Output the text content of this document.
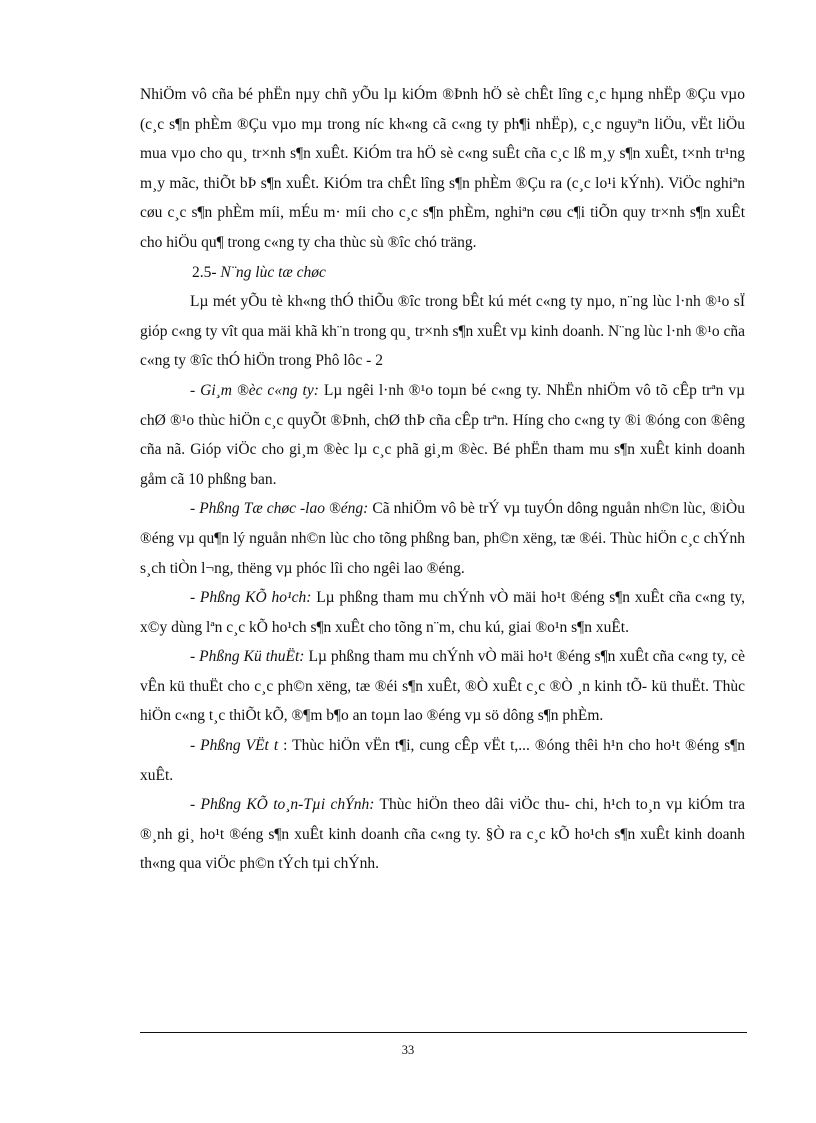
NhiÖm vô cña bé phËn nµy chñ yÕu lµ kiÓm ®Þnh hÖ sè chÊt lîng c¸c hµng nhËp ®Çu vµo (c¸c s¶n phÈm ®Çu vµo mµ trong níc kh«ng cã c«ng ty ph¶i nhËp), c¸c nguyªn liÖu, vËt liÖu mua vµo cho qu¸ tr×nh s¶n xuÊt. KiÓm tra hÖ sè c«ng suÊt cña c¸c lß m¸y s¶n xuÊt, t×nh tr¹ng m¸y mãc, thiÕt bÞ s¶n xuÊt. KiÓm tra chÊt lîng s¶n phÈm ®Çu ra (c¸c lo¹i kÝnh). ViÖc nghiªn cøu c¸c s¶n phÈm míi, mÉu m· míi cho c¸c s¶n phÈm, nghiªn cøu c¶i tiÕn quy tr×nh s¶n xuÊt cho hiÖu qu¶ trong c«ng ty cha thùc sù ®îc chó träng.

2.5- N¨ng lùc tæ chøc

Lµ mét yÕu tè kh«ng thÓ thiÕu ®îc trong bÊt kú mét c«ng ty nµo, n¨ng lùc l·nh ®¹o sÏ gióp c«ng ty vît qua mäi khã kh¨n trong qu¸ tr×nh s¶n xuÊt vµ kinh doanh. N¨ng lùc l·nh ®¹o cña c«ng ty ®îc thÓ hiÖn trong Phô lôc - 2

- Gi¸m ®èc c«ng ty: Lµ ngêi l·nh ®¹o toµn bé c«ng ty. NhËn nhiÖm vô tõ cÊp trªn vµ chØ ®¹o thùc hiÖn c¸c quyÕt ®Þnh, chØ thÞ cña cÊp trªn. Híng cho c«ng ty ®i ®óng con ®êng cña nã. Gióp viÖc cho gi¸m ®èc lµ c¸c phã gi¸m ®èc. Bé phËn tham mu s¶n xuÊt kinh doanh gåm cã 10 phßng ban.

- Phßng Tæ chøc -lao ®éng: Cã nhiÖm vô bè trÝ vµ tuyÓn dông nguån nh©n lùc, ®iÒu ®éng vµ qu¶n lý nguån nh©n lùc cho tõng phßng ban, ph©n xëng, tæ ®éi. Thùc hiÖn c¸c chÝnh s¸ch tiÒn l¬ng, thëng vµ phóc lîi cho ngêi lao ®éng.

- Phßng KÕ ho¹ch: Lµ phßng tham mu chÝnh vÒ mäi ho¹t ®éng s¶n xuÊt cña c«ng ty, x©y dùng lªn c¸c kÕ ho¹ch s¶n xuÊt cho tõng n¨m, chu kú, giai ®o¹n s¶n xuÊt.

- Phßng Kü thuËt: Lµ phßng tham mu chÝnh vÒ mäi ho¹t ®éng s¶n xuÊt cña c«ng ty, cè vÊn kü thuËt cho c¸c ph©n xëng, tæ ®éi s¶n xuÊt, ®Ò xuÊt c¸c ®Ò ¸n kinh tÕ- kü thuËt. Thùc hiÖn c«ng t¸c thiÕt kÕ, ®¶m b¶o an toµn lao ®éng vµ sö dông s¶n phÈm.

- Phßng VËt t : Thùc hiÖn vËn t¶i, cung cÊp vËt t,... ®óng thêi h¹n cho ho¹t ®éng s¶n xuÊt.

- Phßng KÕ to¸n-Tµi chÝnh: Thùc hiÖn theo dâi viÖc thu- chi, h¹ch to¸n vµ kiÓm tra ®¸nh gi¸ ho¹t ®éng s¶n xuÊt kinh doanh cña c«ng ty. §Ò ra c¸c kÕ ho¹ch s¶n xuÊt kinh doanh th«ng qua viÖc ph©n tÝch tµi chÝnh.

33
